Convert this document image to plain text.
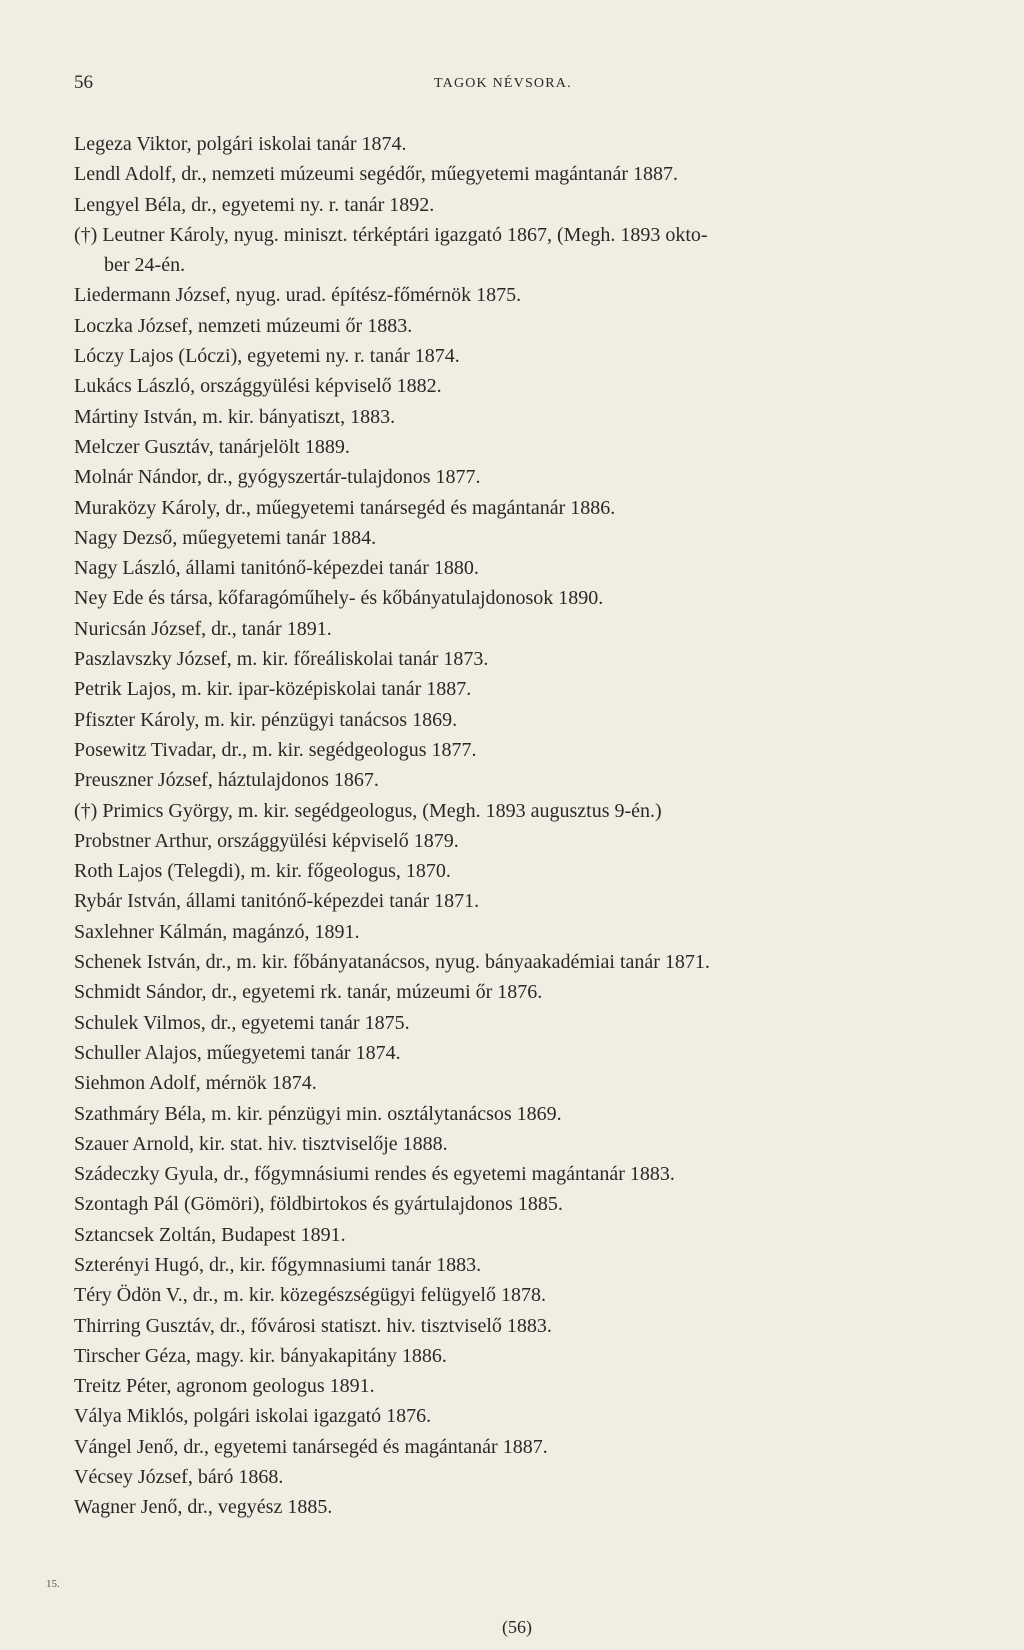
56	TAGOK NÉVSORA.
Legeza Viktor, polgári iskolai tanár 1874.
Lendl Adolf, dr., nemzeti múzeumi segédőr, műegyetemi magántanár 1887.
Lengyel Béla, dr., egyetemi ny. r. tanár 1892.
(†) Leutner Károly, nyug. miniszt. térképtári igazgató 1867, (Megh. 1893 okto-
ber 24-én.
Liedermann József, nyug. urad. építész-főmérnök 1875.
Loczka József, nemzeti múzeumi őr 1883.
Lóczy Lajos (Lóczi), egyetemi ny. r. tanár 1874.
Lukács László, országgyülési képviselő 1882.
Mártiny István, m. kir. bányatiszt, 1883.
Melczer Gusztáv, tanárjelölt 1889.
Molnár Nándor, dr., gyógyszertár-tulajdonos 1877.
Muraközy Károly, dr., műegyetemi tanársegéd és magántanár 1886.
Nagy Dezső, műegyetemi tanár 1884.
Nagy László, állami tanitónő-képezdei tanár 1880.
Ney Ede és társa, kőfaragóműhely- és kőbányatulajdonosok 1890.
Nuricsán József, dr., tanár 1891.
Paszlavszky József, m. kir. főreáliskolai tanár 1873.
Petrik Lajos, m. kir. ipar-középiskolai tanár 1887.
Pfiszter Károly, m. kir. pénzügyi tanácsos 1869.
Posewitz Tivadar, dr., m. kir. segédgeologus 1877.
Preuszner József, háztulajdonos 1867.
(†) Primics György, m. kir. segédgeologus, (Megh. 1893 augusztus 9-én.)
Probstner Arthur, országgyülési képviselő 1879.
Roth Lajos (Telegdi), m. kir. főgeologus, 1870.
Rybár István, állami tanitónő-képezdei tanár 1871.
Saxlehner Kálmán, magánzó, 1891.
Schenek István, dr., m. kir. főbányatanácsos, nyug. bányaakadémiai tanár 1871.
Schmidt Sándor, dr., egyetemi rk. tanár, múzeumi őr 1876.
Schulek Vilmos, dr., egyetemi tanár 1875.
Schuller Alajos, műegyetemi tanár 1874.
Siehmon Adolf, mérnök 1874.
Szathmáry Béla, m. kir. pénzügyi min. osztálytanácsos 1869.
Szauer Arnold, kir. stat. hiv. tisztviselője 1888.
Szádeczky Gyula, dr., főgymnásiumi rendes és egyetemi magántanár 1883.
Szontagh Pál (Gömöri), földbirtokos és gyártulajdonos 1885.
Sztancsek Zoltán, Budapest 1891.
Szterényi Hugó, dr., kir. főgymnasiumi tanár 1883.
Téry Ödön V., dr., m. kir. közegészségügyi felügyelő 1878.
Thirring Gusztáv, dr., fővárosi statiszt. hiv. tisztviselő 1883.
Tirscher Géza, magy. kir. bányakapitány 1886.
Treitz Péter, agronom geologus 1891.
Vályа Miklós, polgári iskolai igazgató 1876.
Vángel Jenő, dr., egyetemi tanársegéd és magántanár 1887.
Vécsey József, báró 1868.
Wagner Jenő, dr., vegyész 1885.
15.
(56)
